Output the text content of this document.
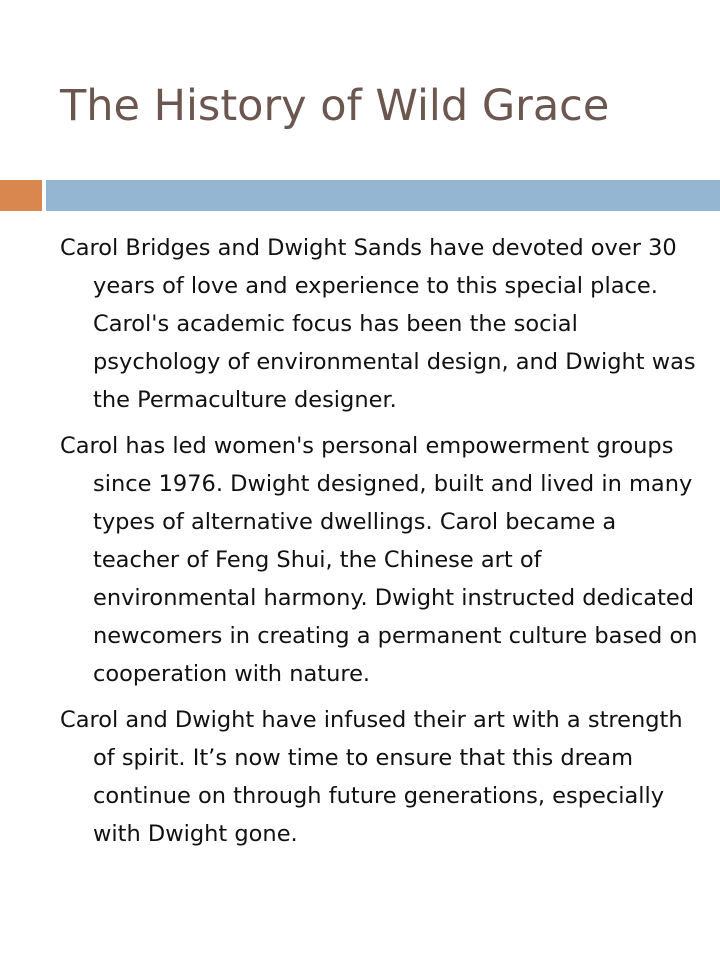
The History of Wild Grace

Carol Bridges and Dwight Sands have devoted over 30 years of love and experience to this special place. Carol's academic focus has been the social psychology of environmental design, and Dwight was the Permaculture designer.

Carol has led women's personal empowerment groups since 1976. Dwight designed, built and lived in many types of alternative dwellings. Carol became a teacher of Feng Shui, the Chinese art of environmental harmony. Dwight instructed dedicated newcomers in creating a permanent culture based on cooperation with nature.

Carol and Dwight have infused their art with a strength of spirit. It’s now time to ensure that this dream continue on through future generations, especially with Dwight gone.
